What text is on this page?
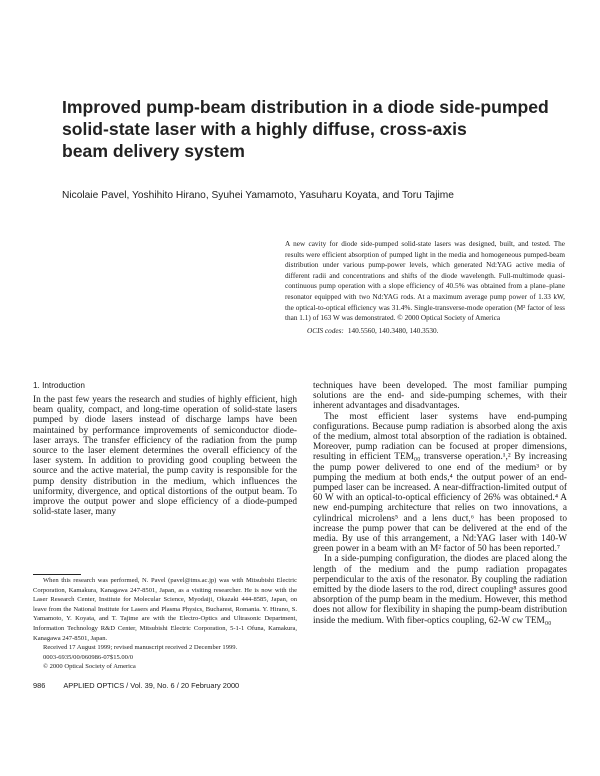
Improved pump-beam distribution in a diode side-pumped
solid-state laser with a highly diffuse, cross-axis
beam delivery system
Nicolaie Pavel, Yoshihito Hirano, Syuhei Yamamoto, Yasuharu Koyata, and Toru Tajime
A new cavity for diode side-pumped solid-state lasers was designed, built, and tested. The results were efficient absorption of pumped light in the media and homogeneous pumped-beam distribution under various pump-power levels, which generated Nd:YAG active media of different radii and concentrations and shifts of the diode wavelength. Full-multimode quasi-continuous pump operation with a slope efficiency of 40.5% was obtained from a plane–plane resonator equipped with two Nd:YAG rods. At a maximum average pump power of 1.33 kW, the optical-to-optical efficiency was 31.4%. Single-transverse-mode operation (M² factor of less than 1.1) of 163 W was demonstrated. © 2000 Optical Society of America
OCIS codes: 140.5560, 140.3480, 140.3530.
1. Introduction

In the past few years the research and studies of highly efficient, high beam quality, compact, and long-time operation of solid-state lasers pumped by diode lasers instead of discharge lamps have been maintained by performance improvements of semiconductor diode-laser arrays. The transfer efficiency of the radiation from the pump source to the laser element determines the overall efficiency of the laser system. In addition to providing good coupling between the source and the active material, the pump cavity is responsible for the pump density distribution in the medium, which influences the uniformity, divergence, and optical distortions of the output beam. To improve the output power and slope efficiency of a diode-pumped solid-state laser, many

techniques have been developed. The most familiar pumping solutions are the end- and side-pumping schemes, with their inherent advantages and disadvantages.

The most efficient laser systems have end-pumping configurations. Because pump radiation is absorbed along the axis of the medium, almost total absorption of the radiation is obtained. Moreover, pump radiation can be focused at proper dimensions, resulting in efficient TEM₀₀ transverse operation.¹,² By increasing the pump power delivered to one end of the medium³ or by pumping the medium at both ends,⁴ the output power of an end-pumped laser can be increased. A near-diffraction-limited output of 60 W with an optical-to-optical efficiency of 26% was obtained.⁴ A new end-pumping architecture that relies on two innovations, a cylindrical microlens⁵ and a lens duct,⁶ has been proposed to increase the pump power that can be delivered at the end of the media. By use of this arrangement, a Nd:YAG laser with 140-W green power in a beam with an M² factor of 50 has been reported.⁷

In a side-pumping configuration, the diodes are placed along the length of the medium and the pump radiation propagates perpendicular to the axis of the resonator. By coupling the radiation emitted by the diode lasers to the rod, direct coupling⁸ assures good absorption of the pump beam in the medium. However, this method does not allow for flexibility in shaping the pump-beam distribution inside the medium. With fiber-optics coupling, 62-W cw TEM₀₀

When this research was performed, N. Pavel (pavel@ims.ac.jp) was with Mitsubishi Electric Corporation, Kamakura, Kanagawa 247-8501, Japan, as a visiting researcher. He is now with the Laser Research Center, Institute for Molecular Science, Myodaiji, Okazaki 444-8585, Japan, on leave from the National Institute for Lasers and Plasma Physics, Bucharest, Romania. Y. Hirano, S. Yamamoto, Y. Koyata, and T. Tajime are with the Electro-Optics and Ultrasonic Department, Information Technology R&D Center, Mitsubishi Electric Corporation, 5-1-1 Ofuna, Kamakura, Kanagawa 247-8501, Japan.

Received 17 August 1999; revised manuscript received 2 December 1999.

0003-6935/00/060986-07$15.00/0

© 2000 Optical Society of America

986 APPLIED OPTICS / Vol. 39, No. 6 / 20 February 2000
